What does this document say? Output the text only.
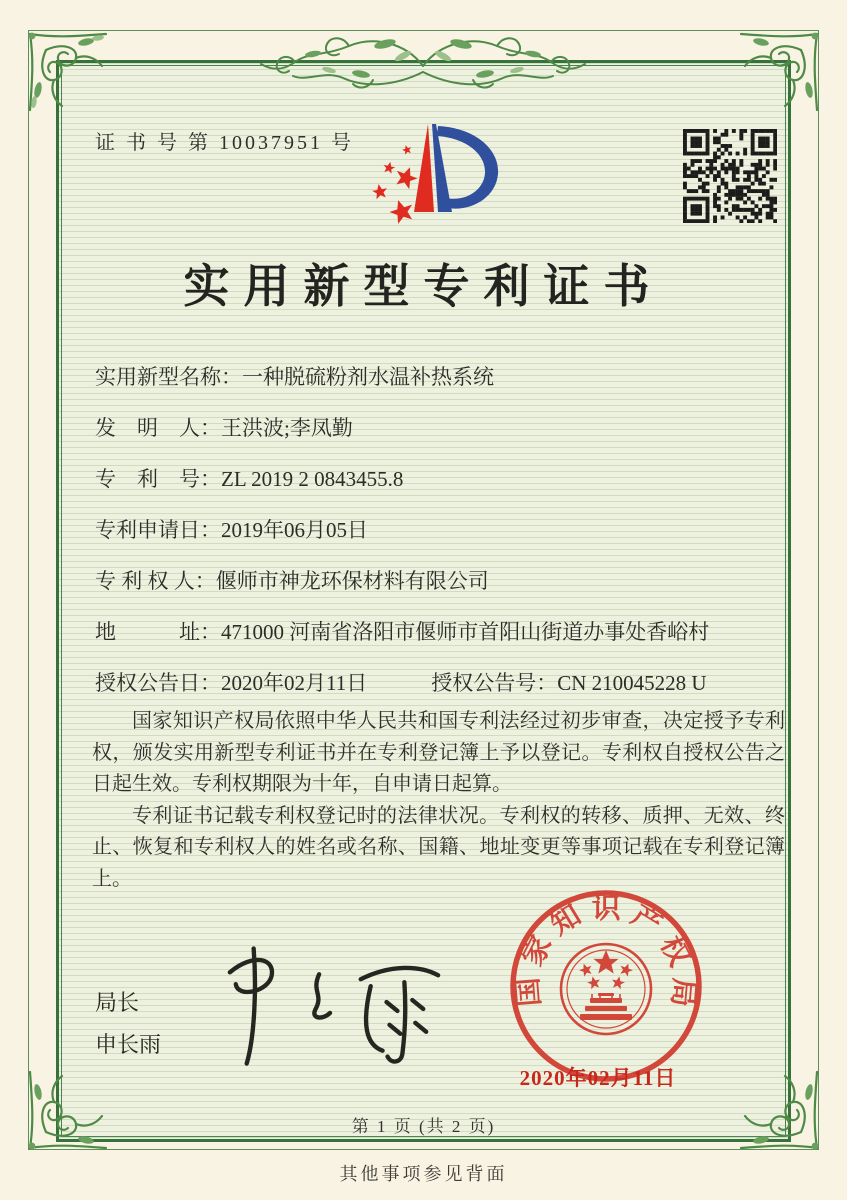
证 书 号 第 10037951 号
实用新型专利证书
实用新型名称：一种脱硫粉剂水温补热系统
发　明　人：王洪波;李凤勤
专　利　号：ZL 2019 2 0843455.8
专利申请日：2019年06月05日
专 利 权 人：偃师市神龙环保材料有限公司
地　　　址：471000 河南省洛阳市偃师市首阳山街道办事处香峪村
授权公告日：2020年02月11日	授权公告号：CN 210045228 U

国家知识产权局依照中华人民共和国专利法经过初步审查，决定授予专利权，颁发实用新型专利证书并在专利登记簿上予以登记。专利权自授权公告之日起生效。专利权期限为十年，自申请日起算。

专利证书记载专利权登记时的法律状况。专利权的转移、质押、无效、终止、恢复和专利权人的姓名或名称、国籍、地址变更等事项记载在专利登记簿上。

局长
申长雨
国家知识产权局
2020年02月11日
第 1 页 (共 2 页)
其他事项参见背面
